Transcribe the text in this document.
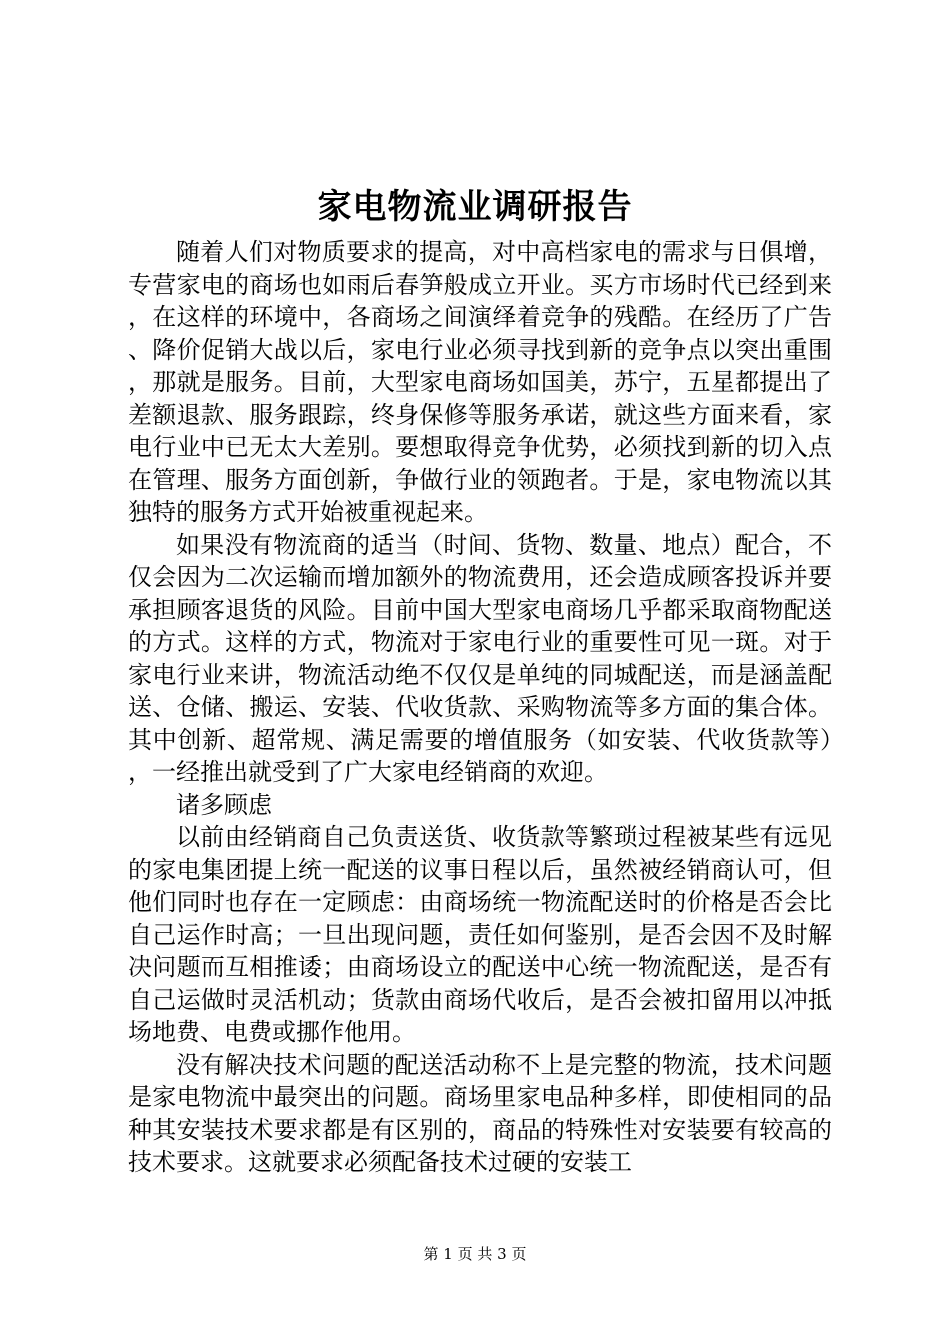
家电物流业调研报告

随着人们对物质要求的提高，对中高档家电的需求与日俱增，专营家电的商场也如雨后春笋般成立开业。买方市场时代已经到来，在这样的环境中，各商场之间演绎着竞争的残酷。在经历了广告、降价促销大战以后，家电行业必须寻找到新的竞争点以突出重围，那就是服务。目前，大型家电商场如国美，苏宁，五星都提出了差额退款、服务跟踪，终身保修等服务承诺，就这些方面来看，家电行业中已无太大差别。要想取得竞争优势，必须找到新的切入点在管理、服务方面创新，争做行业的领跑者。于是，家电物流以其独特的服务方式开始被重视起来。

如果没有物流商的适当（时间、货物、数量、地点）配合，不仅会因为二次运输而增加额外的物流费用，还会造成顾客投诉并要承担顾客退货的风险。目前中国大型家电商场几乎都采取商物配送的方式。这样的方式，物流对于家电行业的重要性可见一斑。对于家电行业来讲，物流活动绝不仅仅是单纯的同城配送，而是涵盖配送、仓储、搬运、安装、代收货款、采购物流等多方面的集合体。其中创新、超常规、满足需要的增值服务（如安装、代收货款等），一经推出就受到了广大家电经销商的欢迎。

诸多顾虑

以前由经销商自己负责送货、收货款等繁琐过程被某些有远见的家电集团提上统一配送的议事日程以后，虽然被经销商认可，但他们同时也存在一定顾虑：由商场统一物流配送时的价格是否会比自己运作时高；一旦出现问题，责任如何鉴别，是否会因不及时解决问题而互相推诿；由商场设立的配送中心统一物流配送，是否有自己运做时灵活机动；货款由商场代收后，是否会被扣留用以冲抵场地费、电费或挪作他用。

没有解决技术问题的配送活动称不上是完整的物流，技术问题是家电物流中最突出的问题。商场里家电品种多样，即使相同的品种其安装技术要求都是有区别的，商品的特殊性对安装要有较高的技术要求。这就要求必须配备技术过硬的安装工

第 1 页 共 3 页
